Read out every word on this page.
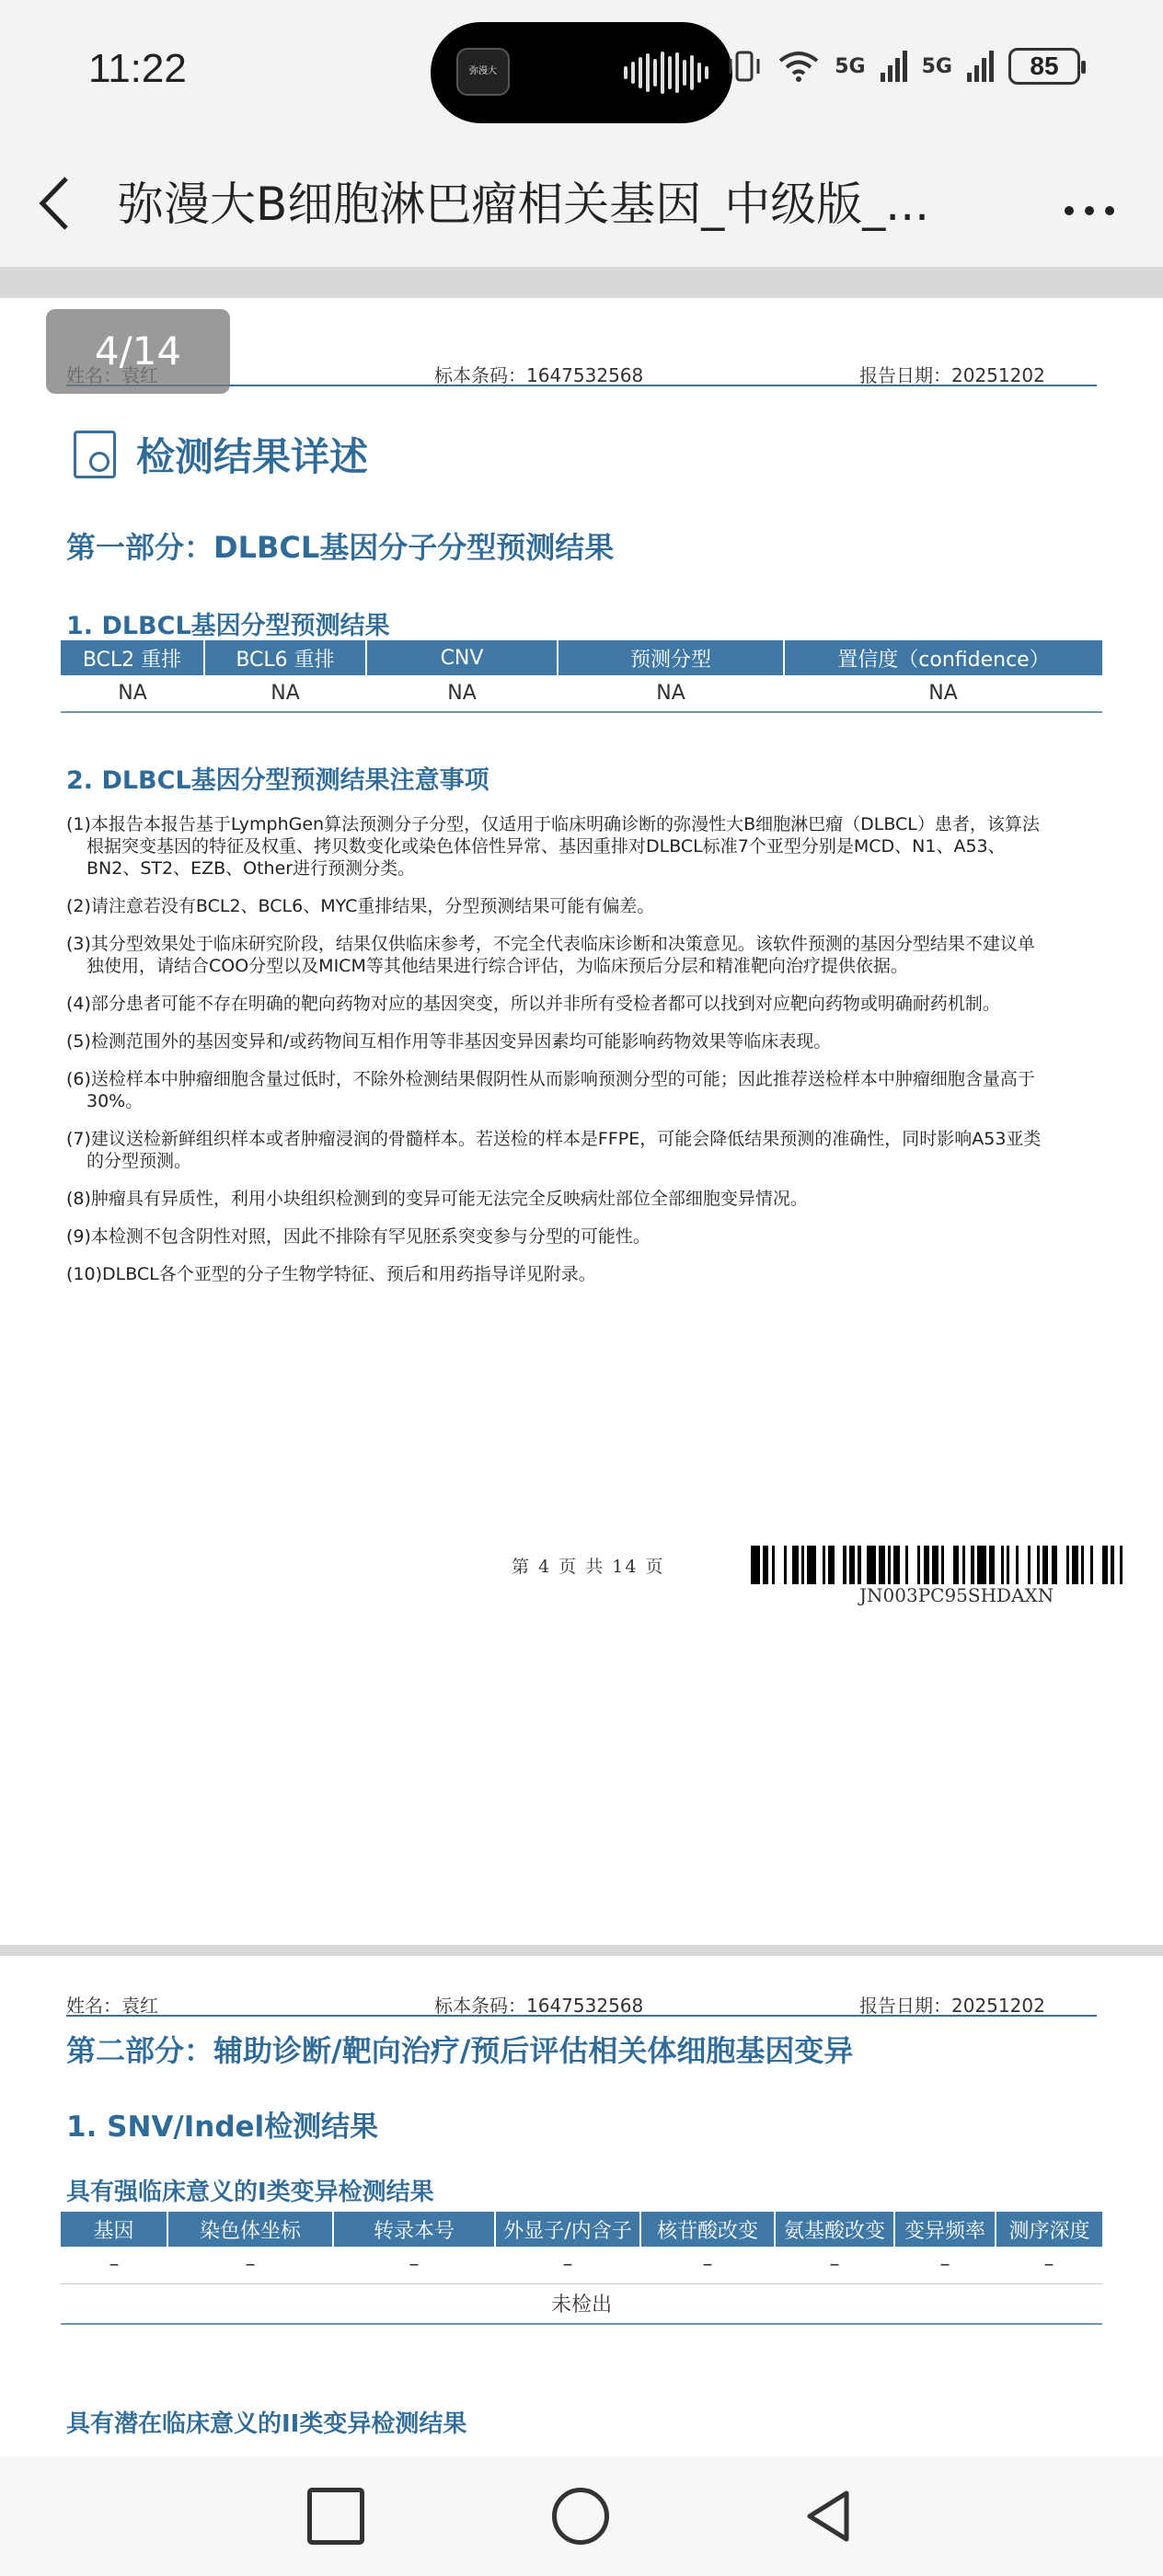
11:22	弥漫大	5G	5G	85
弥漫大B细胞淋巴瘤相关基因_中级版_...
4/14
标本条码：1647532568	报告日期：20251202
检测结果详述
第一部分：DLBCL基因分子分型预测结果
1. DLBCL基因分型预测结果
BCL2 重排	BCL6 重排	CNV	预测分型	置信度（confidence）
NA	NA	NA	NA	NA
2. DLBCL基因分型预测结果注意事项

(1)本报告本报告基于LymphGen算法预测分子分型，仅适用于临床明确诊断的弥漫性大B细胞淋巴瘤（DLBCL）患者，该算法根据突变基因的特征及权重、拷贝数变化或染色体倍性异常、基因重排对DLBCL标准7个亚型分别是MCD、N1、A53、BN2、ST2、EZB、Other进行预测分类。

(2)请注意若没有BCL2、BCL6、MYC重排结果，分型预测结果可能有偏差。

(3)其分型效果处于临床研究阶段，结果仅供临床参考，不完全代表临床诊断和决策意见。该软件预测的基因分型结果不建议单独使用，请结合COO分型以及MICM等其他结果进行综合评估，为临床预后分层和精准靶向治疗提供依据。

(4)部分患者可能不存在明确的靶向药物对应的基因突变，所以并非所有受检者都可以找到对应靶向药物或明确耐药机制。

(5)检测范围外的基因变异和/或药物间互相作用等非基因变异因素均可能影响药物效果等临床表现。

(6)送检样本中肿瘤细胞含量过低时，不除外检测结果假阴性从而影响预测分型的可能；因此推荐送检样本中肿瘤细胞含量高于30%。

(7)建议送检新鲜组织样本或者肿瘤浸润的骨髓样本。若送检的样本是FFPE，可能会降低结果预测的准确性，同时影响A53亚类的分型预测。

(8)肿瘤具有异质性，利用小块组织检测到的变异可能无法完全反映病灶部位全部细胞变异情况。

(9)本检测不包含阴性对照，因此不排除有罕见胚系突变参与分型的可能性。

(10)DLBCL各个亚型的分子生物学特征、预后和用药指导详见附录。

第 4 页 共 14 页
JN003PC95SHDAXN
姓名：袁红	标本条码：1647532568	报告日期：20251202
第二部分：辅助诊断/靶向治疗/预后评估相关体细胞基因变异
1. SNV/Indel检测结果
具有强临床意义的I类变异检测结果
基因	染色体坐标	转录本号	外显子/内含子	核苷酸改变	氨基酸改变	变异频率	测序深度
–	–	–	–	–	–	–	–
未检出							
具有潜在临床意义的II类变异检测结果
